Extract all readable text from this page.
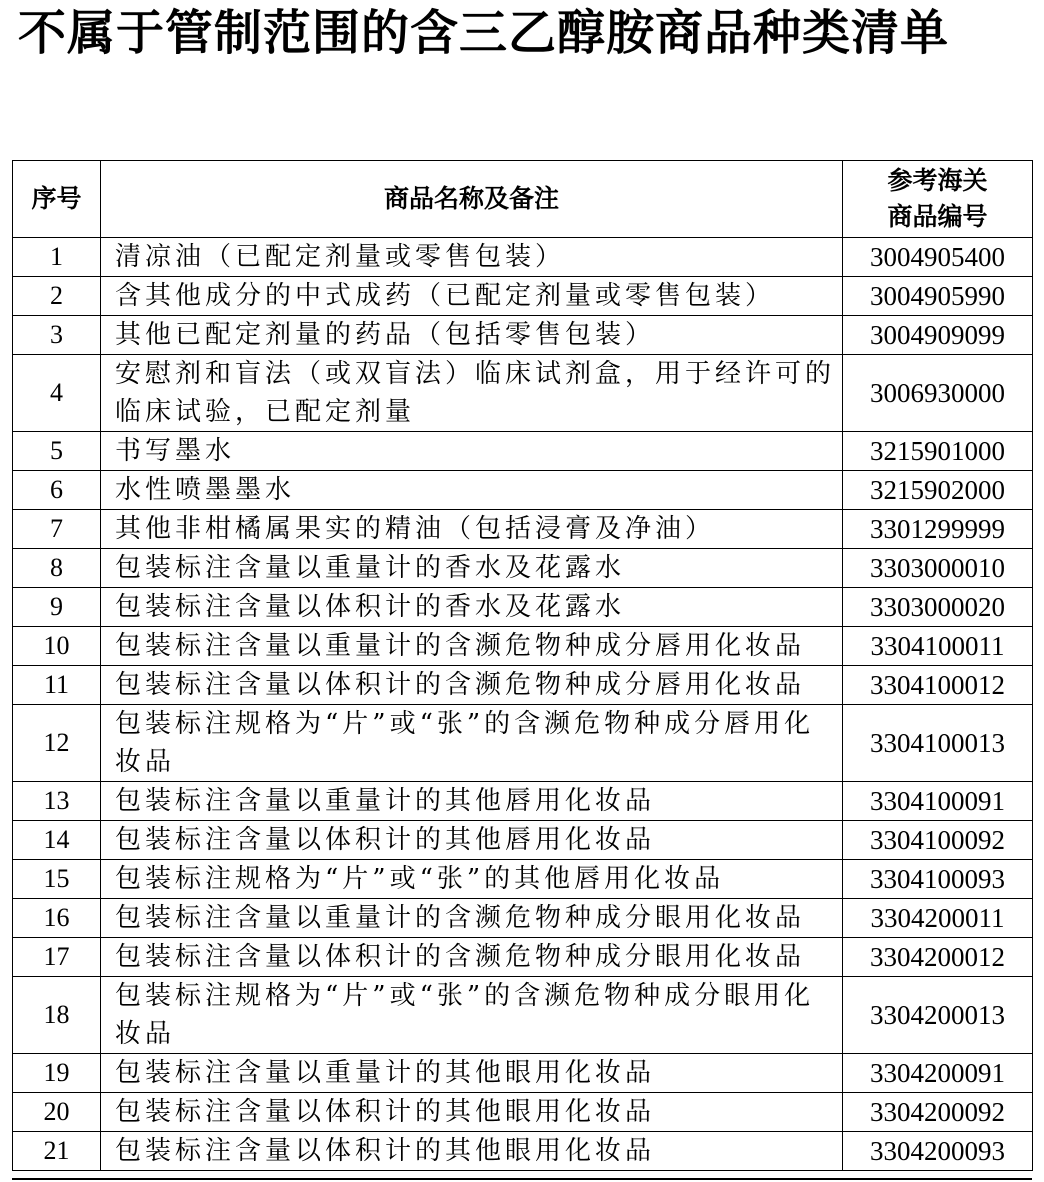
不属于管制范围的含三乙醇胺商品种类清单
序号	商品名称及备注	参考海关
商品编号

1	清凉油（已配定剂量或零售包装）	3004905400
2	含其他成分的中式成药（已配定剂量或零售包装）	3004905990
3	其他已配定剂量的药品（包括零售包装）	3004909099
4	安慰剂和盲法（或双盲法）临床试剂盒，用于经许可的临床试验，已配定剂量	3006930000
5	书写墨水	3215901000
6	水性喷墨墨水	3215902000
7	其他非柑橘属果实的精油（包括浸膏及净油）	3301299999
8	包装标注含量以重量计的香水及花露水	3303000010
9	包装标注含量以体积计的香水及花露水	3303000020
10	包装标注含量以重量计的含濒危物种成分唇用化妆品	3304100011
11	包装标注含量以体积计的含濒危物种成分唇用化妆品	3304100012
12	包装标注规格为“片”或“张”的含濒危物种成分唇用化妆品	3304100013
13	包装标注含量以重量计的其他唇用化妆品	3304100091
14	包装标注含量以体积计的其他唇用化妆品	3304100092
15	包装标注规格为“片”或“张”的其他唇用化妆品	3304100093
16	包装标注含量以重量计的含濒危物种成分眼用化妆品	3304200011
17	包装标注含量以体积计的含濒危物种成分眼用化妆品	3304200012
18	包装标注规格为“片”或“张”的含濒危物种成分眼用化妆品	3304200013
19	包装标注含量以重量计的其他眼用化妆品	3304200091
20	包装标注含量以体积计的其他眼用化妆品	3304200092
21	包装标注含量以体积计的其他眼用化妆品	3304200093
